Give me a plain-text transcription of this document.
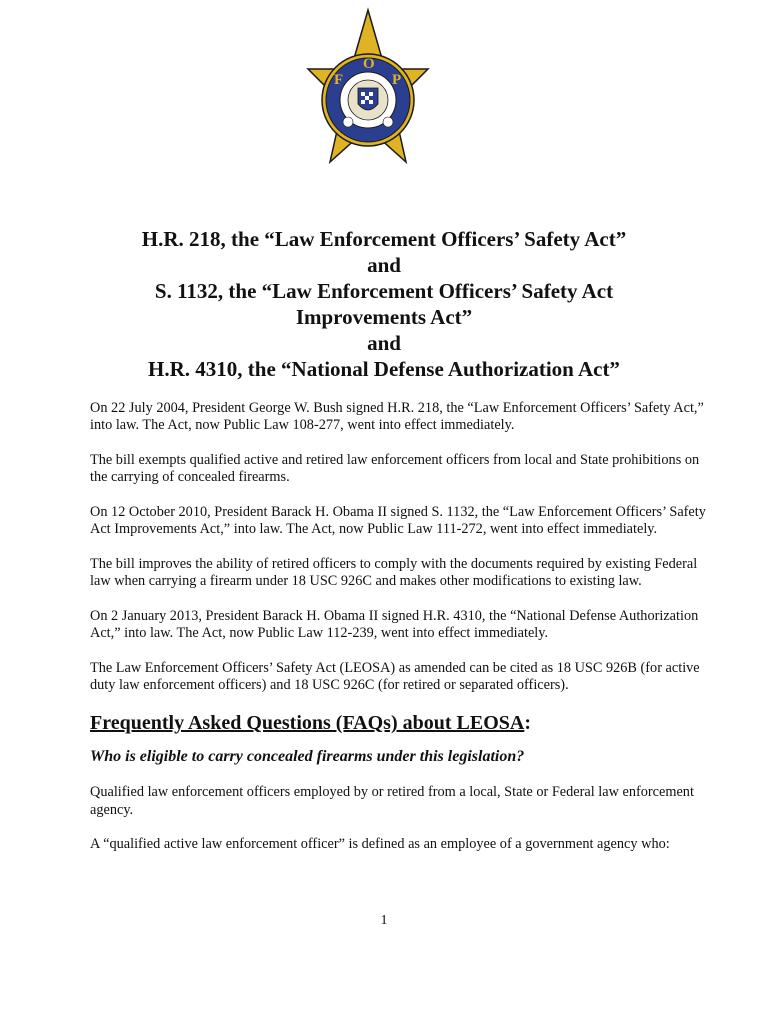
F
O
P
H.R. 218, the “Law Enforcement Officers’ Safety Act”
and
S. 1132, the “Law Enforcement Officers’ Safety Act
Improvements Act”
and
H.R. 4310, the “National Defense Authorization Act”

On 22 July 2004, President George W. Bush signed H.R. 218, the “Law Enforcement Officers’ Safety Act,” into law. The Act, now Public Law 108-277, went into effect immediately.

The bill exempts qualified active and retired law enforcement officers from local and State prohibitions on the carrying of concealed firearms.

On 12 October 2010, President Barack H. Obama II signed S. 1132, the “Law Enforcement Officers’ Safety Act Improvements Act,” into law. The Act, now Public Law 111-272, went into effect immediately.

The bill improves the ability of retired officers to comply with the documents required by existing Federal law when carrying a firearm under 18 USC 926C and makes other modifications to existing law.

On 2 January 2013, President Barack H. Obama II signed H.R. 4310, the “National Defense Authorization Act,” into law. The Act, now Public Law 112-239, went into effect immediately.

The Law Enforcement Officers’ Safety Act (LEOSA) as amended can be cited as 18 USC 926B (for active duty law enforcement officers) and 18 USC 926C (for retired or separated officers).

Frequently Asked Questions (FAQs) about LEOSA:
Who is eligible to carry concealed firearms under this legislation?

Qualified law enforcement officers employed by or retired from a local, State or Federal law enforcement agency.

A “qualified active law enforcement officer” is defined as an employee of a government agency who:

1
